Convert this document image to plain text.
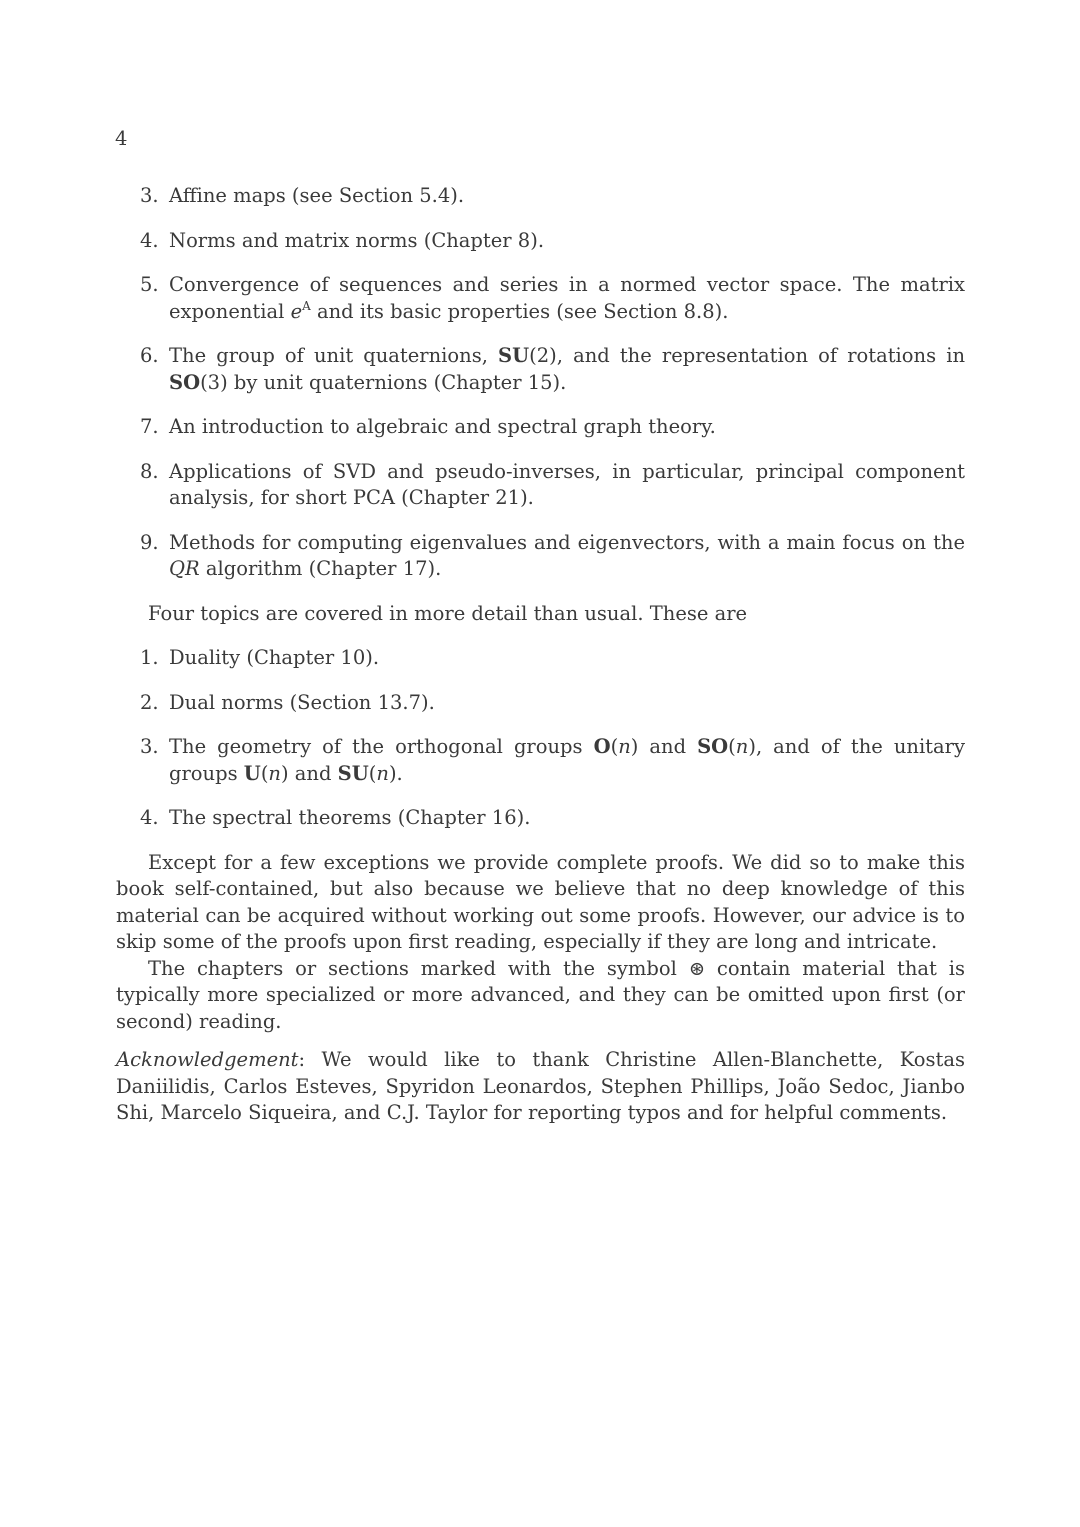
4
3. Affine maps (see Section 5.4).
4. Norms and matrix norms (Chapter 8).
5. Convergence of sequences and series in a normed vector space. The matrix exponential $e^A$ and its basic properties (see Section 8.8).
6. The group of unit quaternions, SU(2), and the representation of rotations in SO(3) by unit quaternions (Chapter 15).
7. An introduction to algebraic and spectral graph theory.
8. Applications of SVD and pseudo-inverses, in particular, principal component analysis, for short PCA (Chapter 21).
9. Methods for computing eigenvalues and eigenvectors, with a main focus on the QR algorithm (Chapter 17).

Four topics are covered in more detail than usual. These are

1. Duality (Chapter 10).
2. Dual norms (Section 13.7).
3. The geometry of the orthogonal groups O(n) and SO(n), and of the unitary groups U(n) and SU(n).
4. The spectral theorems (Chapter 16).

Except for a few exceptions we provide complete proofs. We did so to make this book self-contained, but also because we believe that no deep knowledge of this material can be acquired without working out some proofs. However, our advice is to skip some of the proofs upon first reading, especially if they are long and intricate.

The chapters or sections marked with the symbol ⊛ contain material that is typically more specialized or more advanced, and they can be omitted upon first (or second) reading.

Acknowledgement: We would like to thank Christine Allen-Blanchette, Kostas Daniilidis, Carlos Esteves, Spyridon Leonardos, Stephen Phillips, João Sedoc, Jianbo Shi, Marcelo Siqueira, and C.J. Taylor for reporting typos and for helpful comments.
